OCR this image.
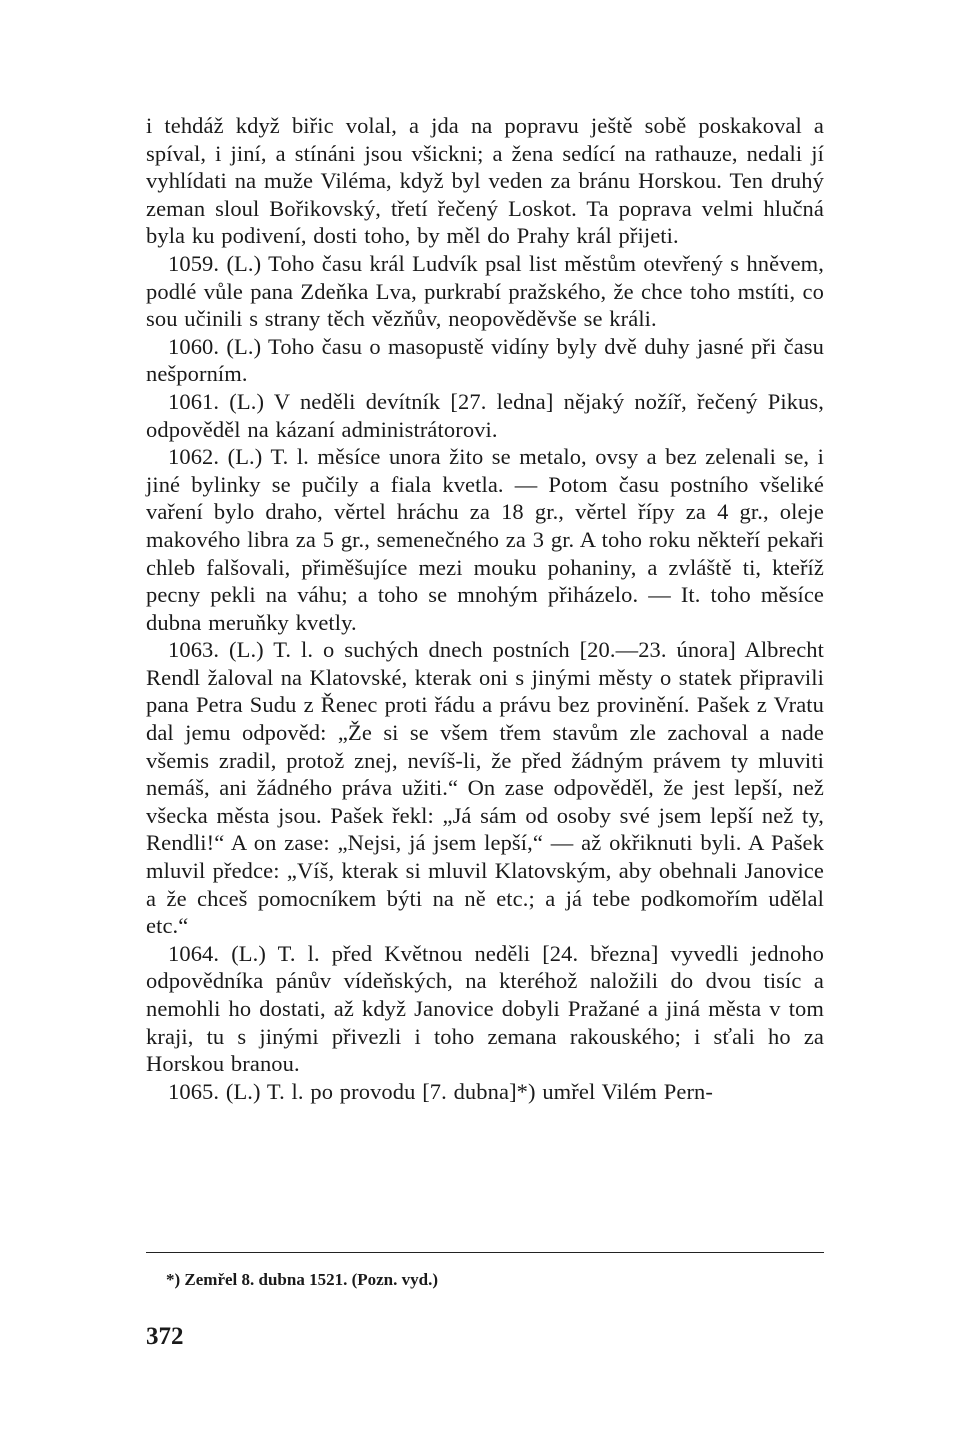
i tehdáž když biřic volal, a jda na popravu ještě sobě poskakoval a spíval, i jiní, a stínáni jsou všickni; a žena sedící na rathauze, nedali jí vyhlídati na muže Viléma, když byl veden za bránu Horskou. Ten druhý zeman sloul Bořikovský, třetí řečený Loskot. Ta poprava velmi hlučná byla ku podivení, dosti toho, by měl do Prahy král přijeti.

1059. (L.) Toho času král Ludvík psal list městům otevřený s hněvem, podlé vůle pana Zdeňka Lva, purkrabí pražského, že chce toho mstíti, co sou učinili s strany těch vězňův, neopověděvše se králi.

1060. (L.) Toho času o masopustě vidíny byly dvě duhy jasné při času nešporním.

1061. (L.) V neděli devítník [27. ledna] nějaký nožíř, řečený Pikus, odpověděl na kázaní administrátorovi.

1062. (L.) T. l. měsíce unora žito se metalo, ovsy a bez zelenali se, i jiné bylinky se pučily a fiala kvetla. — Potom času postního všeliké vaření bylo draho, věrtel hráchu za 18 gr., věrtel řípy za 4 gr., oleje makového libra za 5 gr., semenečného za 3 gr. A toho roku někteří pekaři chleb falšovali, přiměšujíce mezi mouku pohaniny, a zvláště ti, kteříž pecny pekli na váhu; a toho se mnohým přiházelo. — It. toho měsíce dubna meruňky kvetly.

1063. (L.) T. l. o suchých dnech postních [20.—23. února] Albrecht Rendl žaloval na Klatovské, kterak oni s jinými městy o statek připravili pana Petra Sudu z Řenec proti řádu a právu bez provinění. Pašek z Vratu dal jemu odpověd: „Že si se všem třem stavům zle zachoval a nade všemis zradil, protož znej, nevíš-li, že před žádným právem ty mluviti nemáš, ani žádného práva užiti.“ On zase odpověděl, že jest lepší, než všecka města jsou. Pašek řekl: „Já sám od osoby své jsem lepší než ty, Rendli!“ A on zase: „Nejsi, já jsem lepší,“ — až okřiknuti byli. A Pašek mluvil předce: „Víš, kterak si mluvil Klatovským, aby obehnali Janovice a že chceš pomocníkem býti na ně etc.; a já tebe podkomořím udělal etc.“

1064. (L.) T. l. před Květnou neděli [24. března] vyvedli jednoho odpovědníka pánův vídeňských, na kteréhož naložili do dvou tisíc a nemohli ho dostati, až když Janovice dobyli Pražané a jiná města v tom kraji, tu s jinými přivezli i toho zemana rakouského; i sťali ho za Horskou branou.

1065. (L.) T. l. po provodu [7. dubna]*) umřel Vilém Pern-

*) Zemřel 8. dubna 1521. (Pozn. vyd.)

372
